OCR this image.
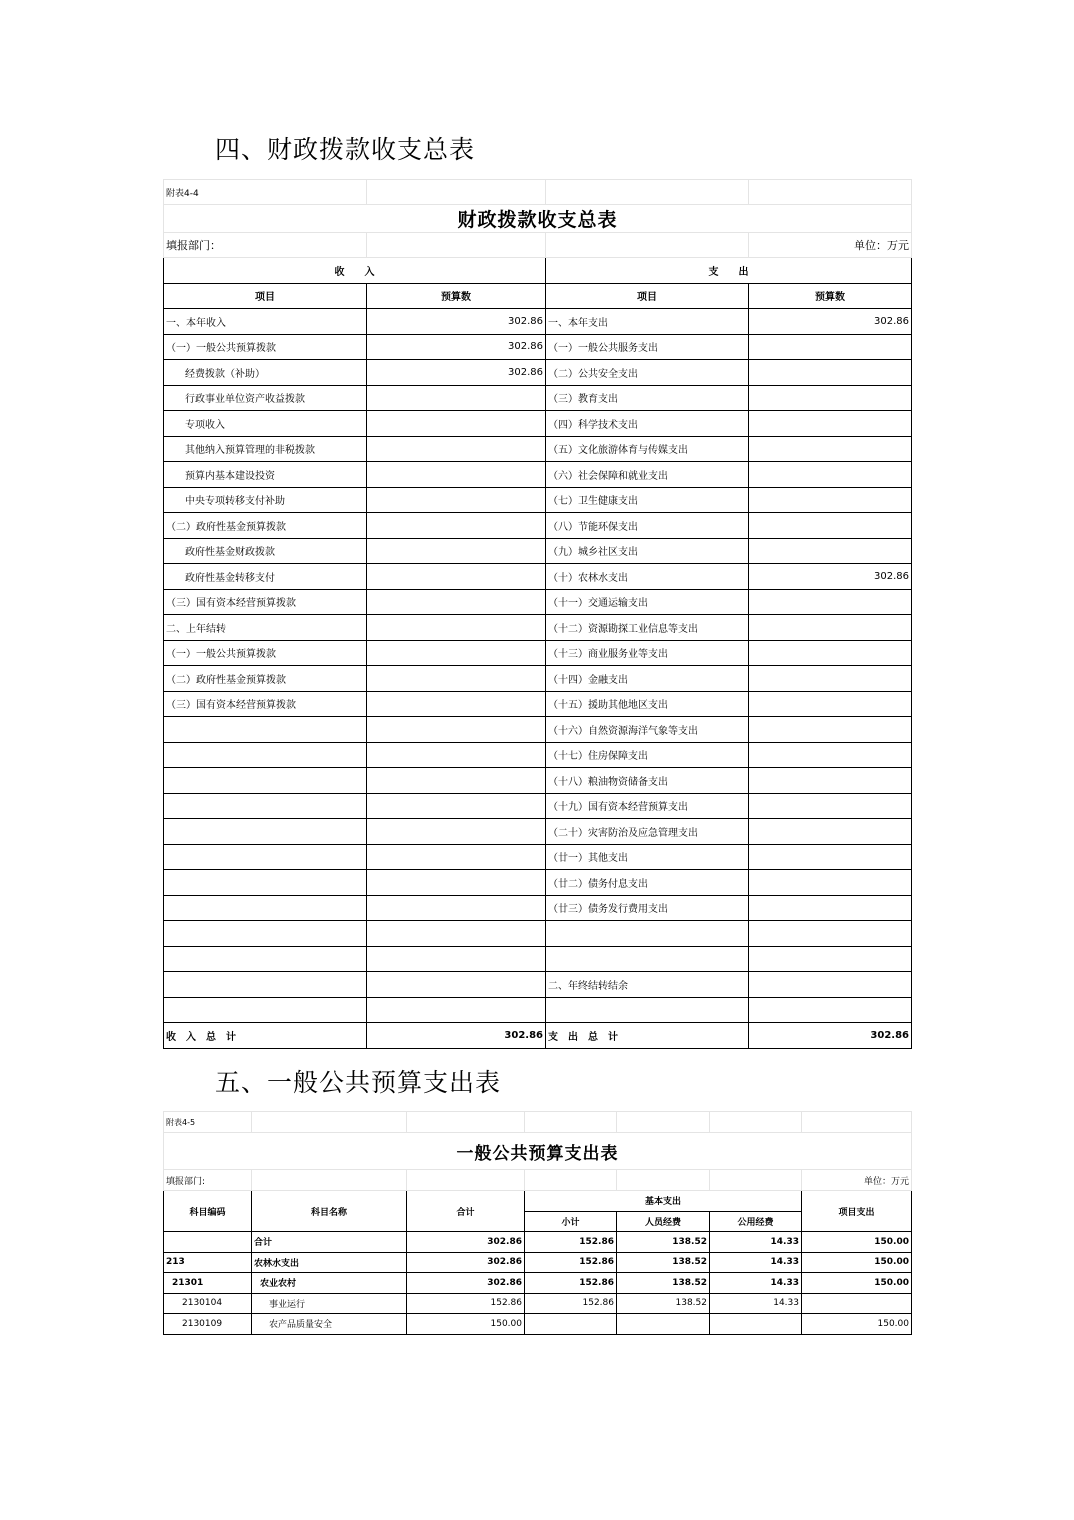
四、财政拨款收支总表
附表4-4			
财政拨款收支总表			
填报部门：			单位：万元
收　　入		支　　出	
项目	预算数	项目	预算数
一、本年收入	302.86	一、本年支出	302.86
（一）一般公共预算拨款	302.86	（一）一般公共服务支出	
经费拨款（补助）	302.86	（二）公共安全支出	
行政事业单位资产收益拨款		（三）教育支出	
专项收入		（四）科学技术支出	
其他纳入预算管理的非税拨款		（五）文化旅游体育与传媒支出	
预算内基本建设投资		（六）社会保障和就业支出	
中央专项转移支付补助		（七）卫生健康支出	
（二）政府性基金预算拨款		（八）节能环保支出	
政府性基金财政拨款		（九）城乡社区支出	
政府性基金转移支付		（十）农林水支出	302.86
（三）国有资本经营预算拨款		（十一）交通运输支出	
二、上年结转		（十二）资源勘探工业信息等支出	
（一）一般公共预算拨款		（十三）商业服务业等支出	
（二）政府性基金预算拨款		（十四）金融支出	
（三）国有资本经营预算拨款		（十五）援助其他地区支出	
		（十六）自然资源海洋气象等支出	
		（十七）住房保障支出	
		（十八）粮油物资储备支出	
		（十九）国有资本经营预算支出	
		（二十）灾害防治及应急管理支出	
		（廿一）其他支出	
		（廿二）债务付息支出	
		（廿三）债务发行费用支出	

		二、年终结转结余	

收　入　总　计	302.86	支　出　总　计	302.86
五、一般公共预算支出表
附表4-5						
一般公共预算支出表						
填报部门:						单位：万元
科目编码	科目名称	合计	基本支出			项目支出
			小计	人员经费	公用经费	
	合计	302.86	152.86	138.52	14.33	150.00
213	农林水支出	302.86	152.86	138.52	14.33	150.00
21301	农业农村	302.86	152.86	138.52	14.33	150.00
2130104	事业运行	152.86	152.86	138.52	14.33	
2130109	农产品质量安全	150.00				150.00
